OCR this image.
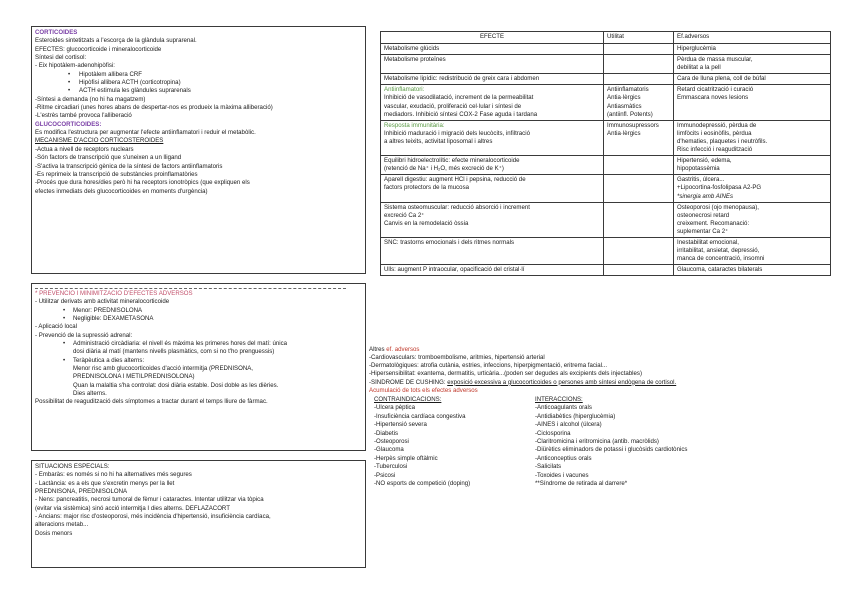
CORTICOIDES
Esteroides sintetitzats a l'escorça de la glàndula suprarenal.
EFECTES: glucocorticoide i mineralocorticoide
Síntesi del cortisol:
- Eix hipotàlem-adenohipòfisi:
• Hipotàlem allibera CRF
• Hipòfisi allibera ACTH (corticotropina)
• ACTH estimula les glàndules suprarenals
-Síntesi a demanda (no hi ha magatzem)
-Ritme circadiari (unes hores abans de despertar-nos es produeix la màxima alliberació)
-L'estrès també provoca l'alliberació
GLUCOCORTICOIDES:
Es modifica l'estructura per augmentar l'efecte antiinflamatori i reduir el metabòlic.
MECANISME D'ACCIÓ CORTICOSTEROIDES
-Actua a nivell de receptors nuclears
-Són factors de transcripció que s'uneixen a un lligand
-S'activa la transcripció gènica de la síntesi de factors antiinflamatoris
-Es reprimeix la transcripció de substàncies proinflamatòries
-Procés que dura hores/dies però hi ha receptors ionotròpics (que expliquen els
efectes inmediats dels glucocorticoides en moments d'urgència)
* PREVENCIÓ I MINIMITZACIÓ D'EFECTES ADVERSOS
- Utilitzar derivats amb activitat mineralocorticoide
• Menor: PREDNISOLONA
• Negligible: DEXAMETASONA
- Aplicació local
- Prevenció de la supressió adrenal:
• Administració circàdiaria: el nivell és màxima les primeres hores del matí: única
dosi diària al matí (mantens nivells plasmàtics, com si no t'ho prenguessis)
• Teràpèutica a dies alterns:
Menor risc amb glucocorticoides d'acció intermitja (PREDNISONA,
PREDNISOLONA I METILPREDNISOLONA)
Quan la malaltia s'ha controlat: dosi diària estable. Dosi doble as les dièries.
Dies alterns.
Possibilitat de reagudització dels símptomes a tractar durant el temps lliure de fàrmac.
SITUACIONS ESPECIALS:
- Embaràs: es només si no hi ha alternatives més segures
- Lactància: es a els que s'excretin menys per la llet
PREDNISONA, PREDNISOLONA
- Nens: pancreatitis, necrosi tumoral de fèmur i cataractes. Intentar utilitzar via tòpica
(evitar via sistèmica) sinó acció intermitja I dies alterns. DEFLAZACORT
- Ancians: major risc d'osteoporosi, més incidència d'hipertensió, insuficiència cardíaca,
alteracions metab...
Dosis menors
EFECTE	Utilitat	Ef.adversos

Metabolisme glúcids		Hiperglucèmia

Metabolisme proteïnes		Pèrdua de massa muscular,
debilitat a la pell

Metabolisme lipídic: redistribució de greix cara i abdomen		Cara de lluna plena, coll de búfal

Antiinflamatori:
Inhibició de vasodilatació, increment de la permeabilitat
vascular, exudació, proliferació cel·lular i síntesi de
mediadors. Inhibició síntesi COX-2 Fase aguda i tardana	Antiinflamatoris
Antia·lèrgics
Antiasmàtics
(antiinfl. Potents)	Retard cicatrització i curació
Emmascara noves lesions

Resposta immunitària:
Inhibició maduració i migració dels leucòcits, infiltració
a altres teixits, activitat liposomal i altres	Immunosupressors
Antia·lèrgics	Immunodepressió, pèrdua de
limfòcits i eosinòfils, pèrdua
d'hematies, plaquetes i neutròfils.
Risc infecció i reagudització

Equilibri hidroelectrolític: efecte mineralocorticoide
(retenció de Na⁺ i H₂O, més excreció de K⁺)		Hipertensió, edema,
hipopotassèmia

Aparell digestiu: augment HCl i pepsina, reducció de
factors protectors de la mucosa		Gastritis, úlcera...
+Lipocortina-fosfolipasa A2-PG
*sinergia amb AINEs

Sistema osteomuscular: reducció absorció i increment
excreció Ca 2⁺
Canvis en la remodelació òssia		Osteoporosi (ojo menopausa),
osteonecrosi retard
creixement. Recomanació:
suplementar Ca 2⁺

SNC: trastorns emocionals i dels ritmes normals		Inestabilitat emocional,
irritabilitat, ansietat, depressió,
manca de concentració, insomni

Ulls: augment P intraocular, opacificació del cristal·lí		Glaucoma, cataractes bilaterals
Altres ef. adversos
-Cardiovasculars: tromboembolisme, aritmies, hipertensió arterial
-Dermatològiques: atrofia cutània, estries, infeccions, hiperpigmentació, eritrema facial...
-Hipersensibilitat: exantema, dermatitis, urticària...(poden ser degudes als excipients dels injectables)
-SÍNDROME DE CUSHING: exposició excessiva a glucocorticoides o persones amb síntesi endògena de cortisol.
Acumulació de tots els efectes adversos
CONTRAINDICACIONS:
-Úlcera pèptica
-Insuficiència cardíaca congestiva
-Hipertensió severa
-Diabetis
-Osteoporosi
-Glaucoma
-Herpès simple oftàlmic
-Tuberculosi
-Psicosi
-NO esports de competició (doping)
INTERACCIONS:
-Anticoagulants orals
-Antidiabètics (hiperglucèmia)
-AINES i alcohol (úlcera)
-Ciclosporina
-Claritromicina i eritromicina (antib. macròlids)
-Diürètics eliminadors de potassi i glucòsids cardiotònics
-Anticonceptius orals
-Salicilats
-Toxoides i vacunes
**Síndrome de retirada al darrere*
